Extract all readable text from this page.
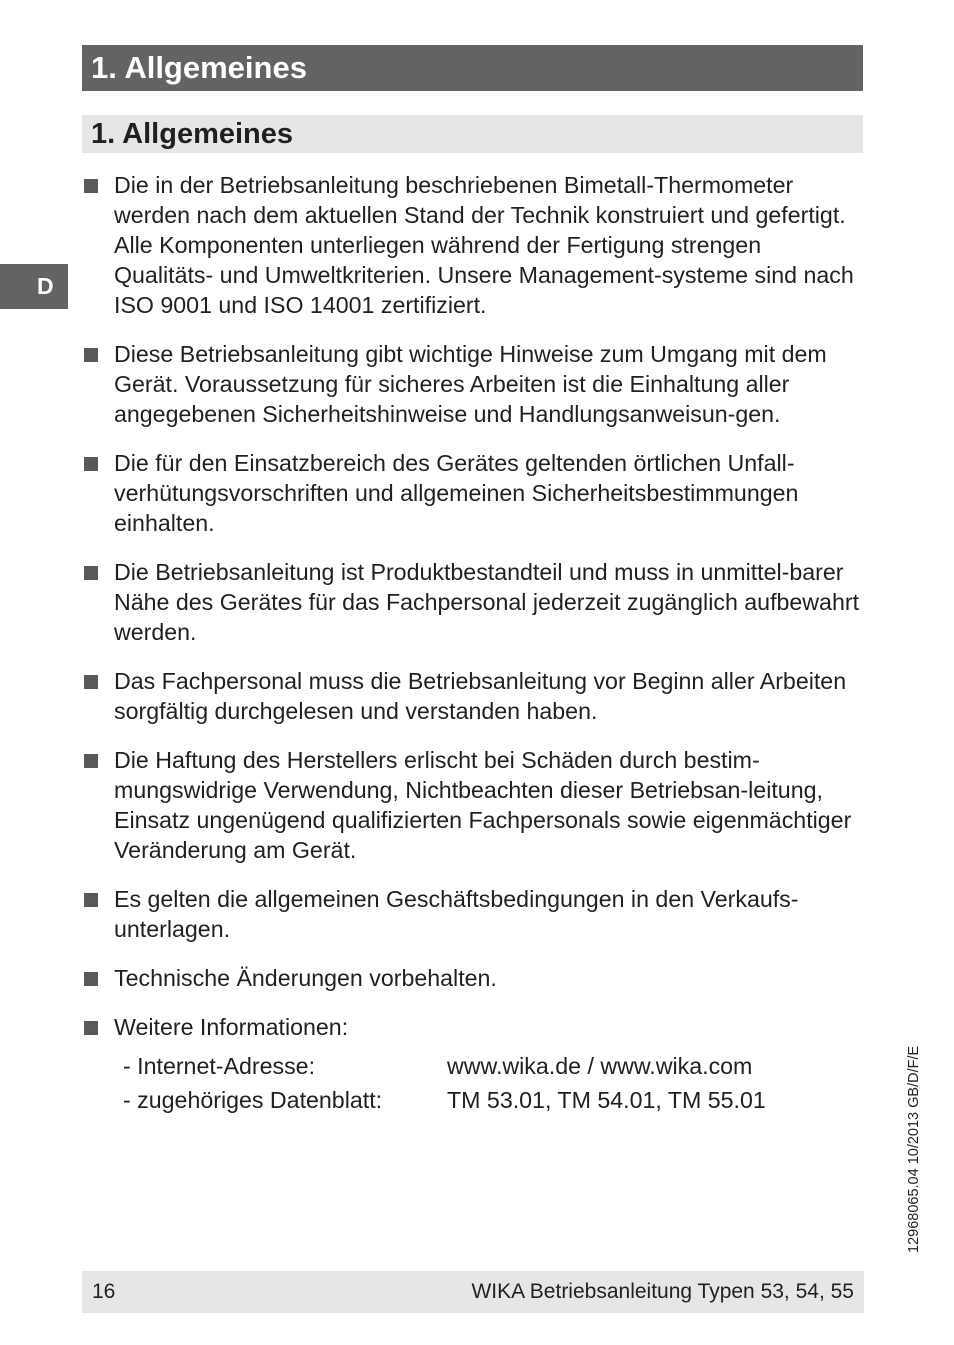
1. Allgemeines
1. Allgemeines
D
Die in der Betriebsanleitung beschriebenen Bimetall-Thermometer werden nach dem aktuellen Stand der Technik konstruiert und gefertigt. Alle Komponenten unterliegen während der Fertigung strengen Qualitäts- und Umweltkriterien. Unsere Management-systeme sind nach ISO 9001 und ISO 14001 zertifiziert.
Diese Betriebsanleitung gibt wichtige Hinweise zum Umgang mit dem Gerät. Voraussetzung für sicheres Arbeiten ist die Einhaltung aller angegebenen Sicherheitshinweise und Handlungsanweisun-gen.
Die für den Einsatzbereich des Gerätes geltenden örtlichen Unfall-verhütungsvorschriften und allgemeinen Sicherheitsbestimmungen einhalten.
Die Betriebsanleitung ist Produktbestandteil und muss in unmittel-barer Nähe des Gerätes für das Fachpersonal jederzeit zugänglich aufbewahrt werden.
Das Fachpersonal muss die Betriebsanleitung vor Beginn aller Arbeiten sorgfältig durchgelesen und verstanden haben.
Die Haftung des Herstellers erlischt bei Schäden durch bestim-mungswidrige Verwendung, Nichtbeachten dieser Betriebsan-leitung, Einsatz ungenügend qualifizierten Fachpersonals sowie eigenmächtiger Veränderung am Gerät.
Es gelten die allgemeinen Geschäftsbedingungen in den Verkaufs-unterlagen.
Technische Änderungen vorbehalten.
Weitere Informationen:
- Internet-Adresse:	www.wika.de / www.wika.com
- zugehöriges Datenblatt:	TM 53.01, TM 54.01, TM 55.01	12968065.04 10/2013 GB/D/F/E
16	WIKA Betriebsanleitung Typen 53, 54, 55
